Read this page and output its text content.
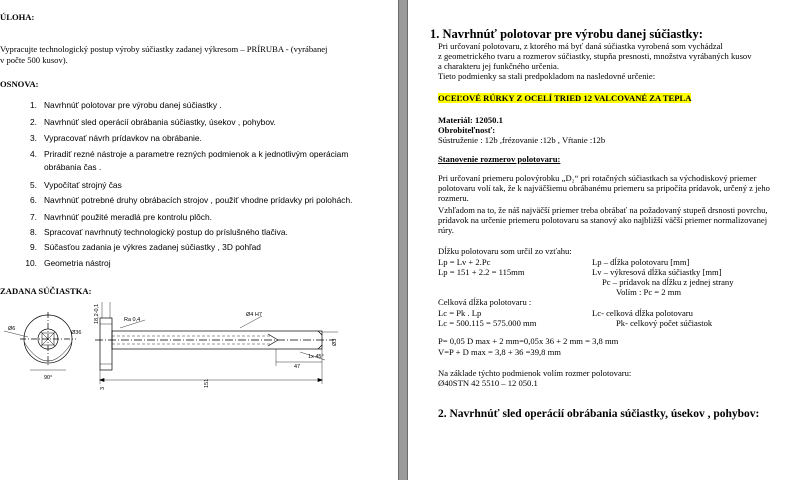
ÚLOHA:
Vypracujte technologický postup výroby súčiastky zadanej výkresom – PRÍRUBA - (vyrábanej
v počte 500 kusov).
OSNOVA:
1. Navrhnúť polotovar pre výrobu danej súčiastky .
2. Navrhnúť sled operácií obrábania súčiastky, úsekov , pohybov.
3. Vypracovať návrh prídavkov na obrábanie.
4. Priradiť rezné nástroje a parametre rezných podmienok a k jednotlivým operáciam
obrábania čas .
5. Vypočítať strojný čas
6. Navrhnúť potrebné druhy obrábacích strojov , použiť vhodne prídavky pri polohách.
7. Navrhnúť použité meradlá pre kontrolu plôch.
8. Spracovať navrhnutý technologický postup do príslušného tlačiva.
9. Súčasťou zadania je výkres zadanej súčiastky , 3D pohľad
10. Geometria nástroj
ZADANA SÚČIASTKA:
Ø6
Ø36
90°
18,2-0,1	Ra 0,4
Ø4 H7
Ø3
47
1x 45°
151
3
1. Navrhnúť polotovar pre výrobu danej súčiastky:
Pri určovaní polotovaru, z ktorého má byť daná súčiastka vyrobená som vychádzal
z geometrického tvaru a rozmerov súčiastky, stupňa presnosti, množstva vyrábaných kusov
a charakteru jej funkčného určenia.
Tieto podmienky sa stali predpokladom na nasledovné určenie:
OCEĽOVÉ RÚRKY Z OCELÍ TRIED 12 VALCOVANÉ ZA TEPLA
Materiál: 12050.1
Obrobiteľnosť:
Sústruženie : 12b ,frézovanie :12b , Vŕtanie :12b
Stanovenie rozmerov polotovaru:
Pri určovaní priemeru polovýrobku „D₂“ pri rotačných súčiastkach sa východiskový priemer
polotovaru volí tak, že k najväčšiemu obrábanému priemeru sa pripočíta prídavok, určený z jeho
rozmeru.
Vzhľadom na to, že náš najväčší priemer treba obrábať na požadovaný stupeň drsnosti povrchu,
prídavok na určenie priemeru polotovaru sa stanový ako najbližší väčší priemer normalizovanej
rúry.
Dĺžku polotovaru som určil zo vzťahu:
Lp = Lv + 2.Pc
Lp = 151 + 2.2 = 115mm
Lp – dĺžka polotovaru [mm]
Lv – výkresová dĺžka súčiastky [mm]
Pc – prídavok na dĺžku z jednej strany
Volím : Pc = 2 mm
Celková dĺžka polotovaru :
Lc = Pk . Lp
Lc = 500.115 = 575.000 mm
Lc- celková dĺžka polotovaru
Pk- celkový počet súčiastok
P= 0,05 D max + 2 mm=0,05x 36 + 2 mm = 3,8 mm
V=P + D max = 3,8 + 36 =39,8 mm
Na základe týchto podmienok volím rozmer polotovaru:
Ø40STN 42 5510 – 12 050.1
2. Navrhnúť sled operácií obrábania súčiastky, úsekov , pohybov:
